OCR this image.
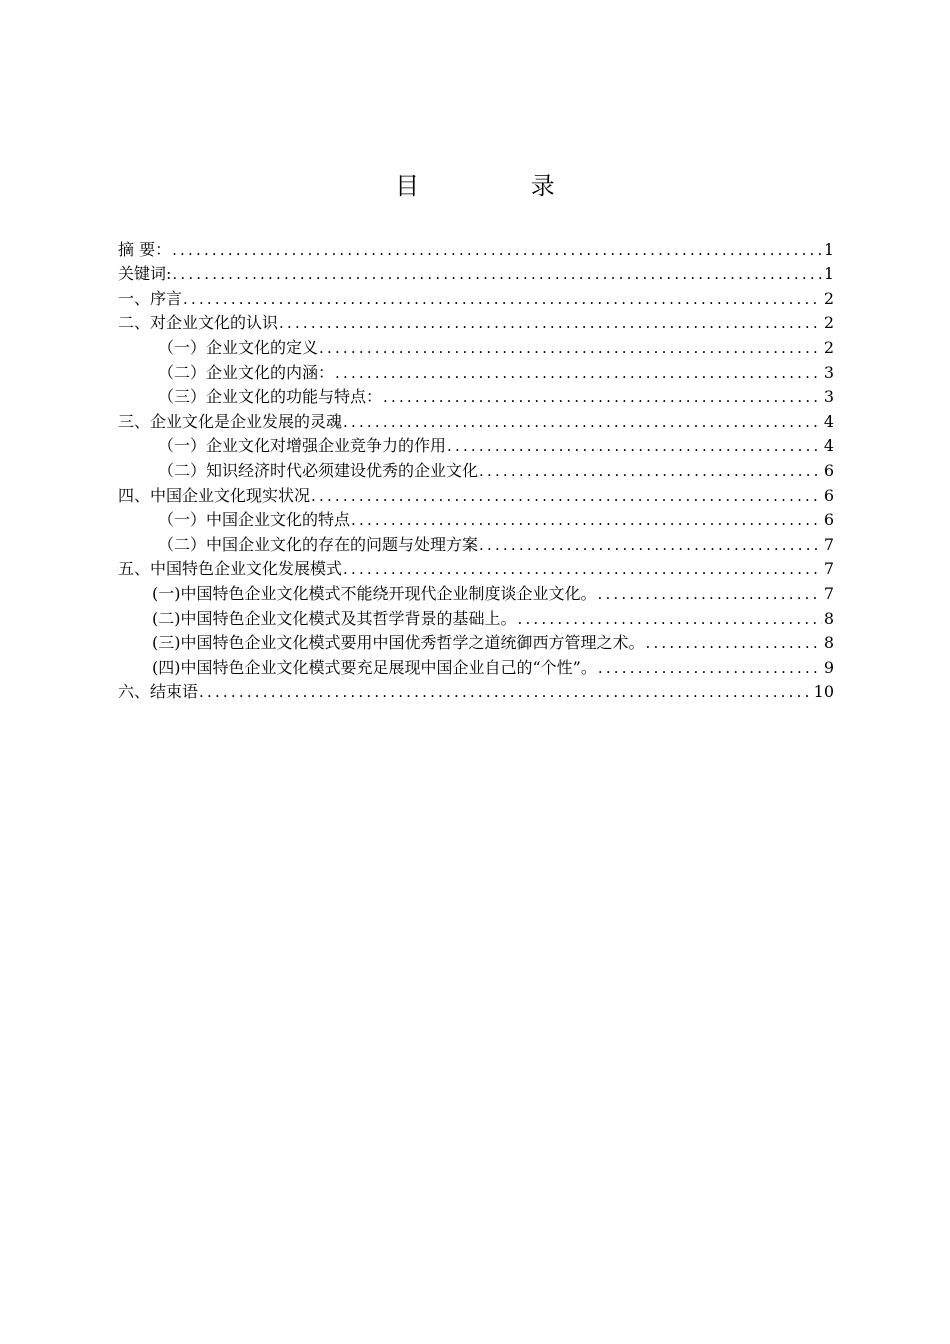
目 录
摘 要： .....	1
关键词: .....	1
一、序言 .....	2
二、对企业文化的认识 .....	2
（一）企业文化的定义 .....	2
（二）企业文化的内涵： .....	3
（三）企业文化的功能与特点： .....	3
三、企业文化是企业发展的灵魂 .....	4
（一）企业文化对增强企业竞争力的作用 .....	4
（二）知识经济时代必须建设优秀的企业文化 .....	6
四、中国企业文化现实状况 .....	6
（一）中国企业文化的特点 .....	6
（二）中国企业文化的存在的问题与处理方案 .....	7
五、中国特色企业文化发展模式 .....	7
(一)中国特色企业文化模式不能绕开现代企业制度谈企业文化。 .....	7
(二)中国特色企业文化模式及其哲学背景的基础上。 .....	8
(三)中国特色企业文化模式要用中国优秀哲学之道统御西方管理之术。 .....	8
(四)中国特色企业文化模式要充足展现中国企业自己的“个性”。 .....	9
六、结束语 .....	10
